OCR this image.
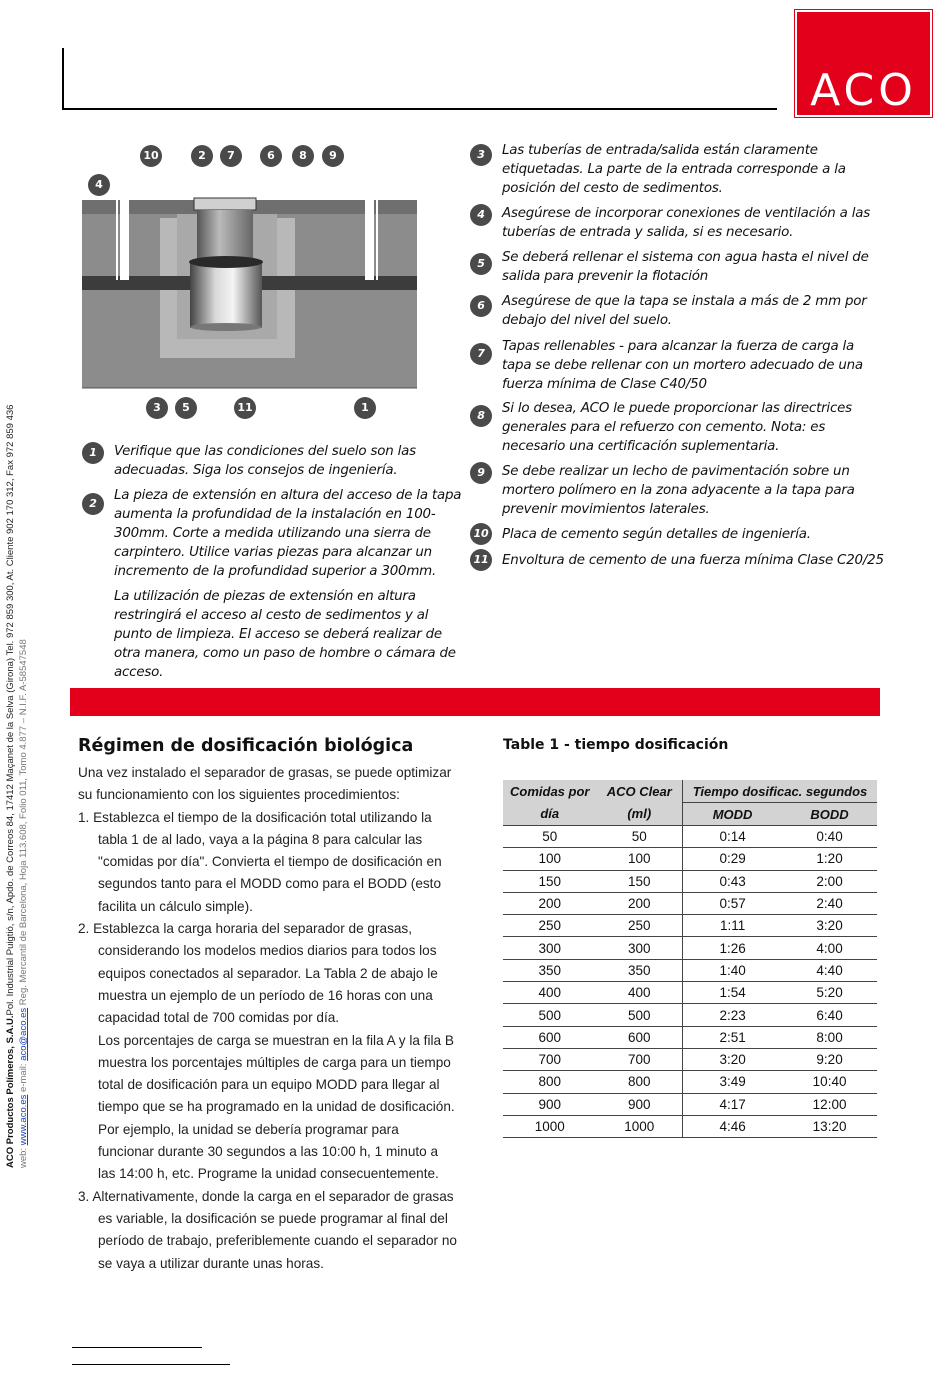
ACO
ACO Productos Polímeros, S.A.U.Pol. Industrial Puigtió, s/n, Apdo. de Correos 84, 17412 Maçanet de la Selva (Girona) Tel. 972 859 300, At. Cliente 902 170 312, Fax 972 859 436
web: www.aco.es e-mail: aco@aco.es Reg. Mercantil de Barcelona, Hoja 113.608, Folio 011, Tomo 4.877 – N.I.F. A-58547548
10	2	7	6	8	9
4
3	5	11	1
1	Verifique que las condiciones del suelo son las adecuadas. Siga los consejos de ingeniería.
2
La pieza de extensión en altura del acceso de la tapa aumenta la profundidad de la instalación en 100-300mm. Corte a medida utilizando una sierra de carpintero. Utilice varias piezas para alcanzar un incremento de la profundidad superior a 300mm.
La utilización de piezas de extensión en altura restringirá el acceso al cesto de sedimentos y al punto de limpieza. El acceso se deberá realizar de otra manera, como un paso de hombre o cámara de acceso.
3	Las tuberías de entrada/salida están claramente etiquetadas. La parte de la entrada corresponde a la posición del cesto de sedimentos.
4	Asegúrese de incorporar conexiones de ventilación a las tuberías de entrada y salida, si es necesario.
5	Se deberá rellenar el sistema con agua hasta el nivel de salida para prevenir la flotación
6	Asegúrese de que la tapa se instala a más de 2 mm por debajo del nivel del suelo.
7	Tapas rellenables - para alcanzar la fuerza de carga la tapa se debe rellenar con un mortero adecuado de una fuerza mínima de Clase C40/50
8	Si lo desea, ACO le puede proporcionar las directrices generales para el refuerzo con cemento. Nota: es necesario una certificación suplementaria.
9	Se debe realizar un lecho de pavimentación sobre un mortero polímero en la zona adyacente a la tapa para prevenir movimientos laterales.
10 Placa de cemento según detalles de ingeniería.
11 Envoltura de cemento de una fuerza mínima Clase C20/25
Régimen de dosificación biológica

Una vez instalado el separador de grasas, se puede optimizar su funcionamiento con los siguientes procedimientos:

1. Establezca el tiempo de la dosificación total utilizando la tabla 1 de al lado, vaya a la página 8 para calcular las "comidas por día". Convierta el tiempo de dosificación en segundos tanto para el MODD como para el BODD (esto facilita un cálculo simple).

2. Establezca la carga horaria del separador de grasas, considerando los modelos medios diarios para todos los equipos conectados al separador. La Tabla 2 de abajo le muestra un ejemplo de un período de 16 horas con una capacidad total de 700 comidas por día.

Los porcentajes de carga se muestran en la fila A y la fila B muestra los porcentajes múltiples de carga para un tiempo total de dosificación para un equipo MODD para llegar al tiempo que se ha programado en la unidad de dosificación. Por ejemplo, la unidad se debería programar para funcionar durante 30 segundos a las 10:00 h, 1 minuto a las 14:00 h, etc. Programe la unidad consecuentemente.

3. Alternativamente, donde la carga en el separador de grasas es variable, la dosificación se puede programar al final del período de trabajo, preferiblemente cuando el separador no se vaya a utilizar durante unas horas.

Table 1 - tiempo dosificación
Comidas por	ACO Clear	Tiempo dosificac. segundos	
día	(ml)	MODD	BODD
50	50	0:14	0:40
100	100	0:29	1:20
150	150	0:43	2:00
200	200	0:57	2:40
250	250	1:11	3:20
300	300	1:26	4:00
350	350	1:40	4:40
400	400	1:54	5:20
500	500	2:23	6:40
600	600	2:51	8:00
700	700	3:20	9:20
800	800	3:49	10:40
900	900	4:17	12:00
1000	1000	4:46	13:20
